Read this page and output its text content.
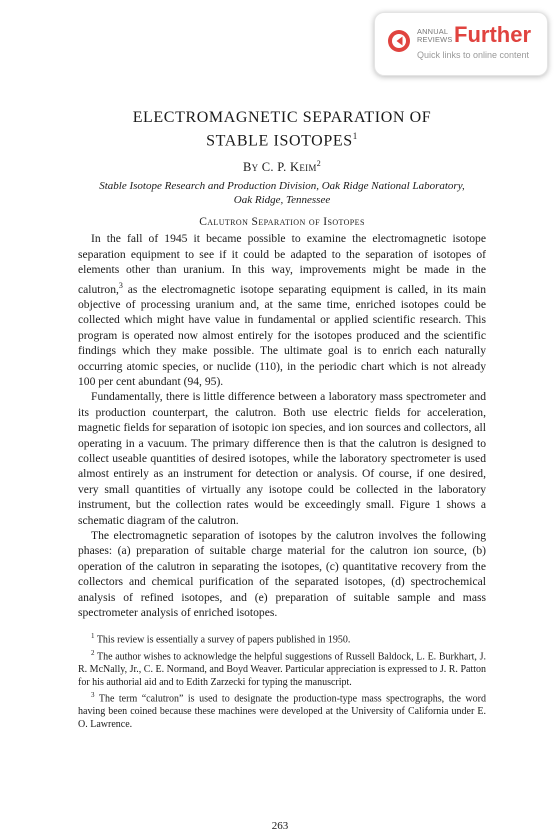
ANNUAL
REVIEWS Further
Quick links to online content
ELECTROMAGNETIC SEPARATION OF
STABLE ISOTOPES$^1$
By C. P. Keim$^2$
Stable Isotope Research and Production Division, Oak Ridge National Laboratory,
Oak Ridge, Tennessee
Calutron Separation of Isotopes

In the fall of 1945 it became possible to examine the electromagnetic isotope separation equipment to see if it could be adapted to the separation of isotopes of elements other than uranium. In this way, improvements might be made in the calutron,$^3$ as the electromagnetic isotope separating equipment is called, in its main objective of processing uranium and, at the same time, enriched isotopes could be collected which might have value in fundamental or applied scientific research. This program is operated now almost entirely for the isotopes produced and the scientific findings which they make possible. The ultimate goal is to enrich each naturally occurring atomic species, or nuclide (110), in the periodic chart which is not already 100 per cent abundant (94, 95).

Fundamentally, there is little difference between a laboratory mass spectrometer and its production counterpart, the calutron. Both use electric fields for acceleration, magnetic fields for separation of isotopic ion species, and ion sources and collectors, all operating in a vacuum. The primary difference then is that the calutron is designed to collect useable quantities of desired isotopes, while the laboratory spectrometer is used almost entirely as an instrument for detection or analysis. Of course, if one desired, very small quantities of virtually any isotope could be collected in the laboratory instrument, but the collection rates would be exceedingly small. Figure 1 shows a schematic diagram of the calutron.

The electromagnetic separation of isotopes by the calutron involves the following phases: (a) preparation of suitable charge material for the calutron ion source, (b) operation of the calutron in separating the isotopes, (c) quantitative recovery from the collectors and chemical purification of the separated isotopes, (d) spectrochemical analysis of refined isotopes, and (e) preparation of suitable sample and mass spectrometer analysis of enriched isotopes.

$^1$ This review is essentially a survey of papers published in 1950.

$^2$ The author wishes to acknowledge the helpful suggestions of Russell Baldock, L. E. Burkhart, J. R. McNally, Jr., C. E. Normand, and Boyd Weaver. Particular appreciation is expressed to J. R. Patton for his authorial aid and to Edith Zarzecki for typing the manuscript.

$^3$ The term “calutron” is used to designate the production-type mass spectrographs, the word having been coined because these machines were developed at the University of California under E. O. Lawrence.

263
